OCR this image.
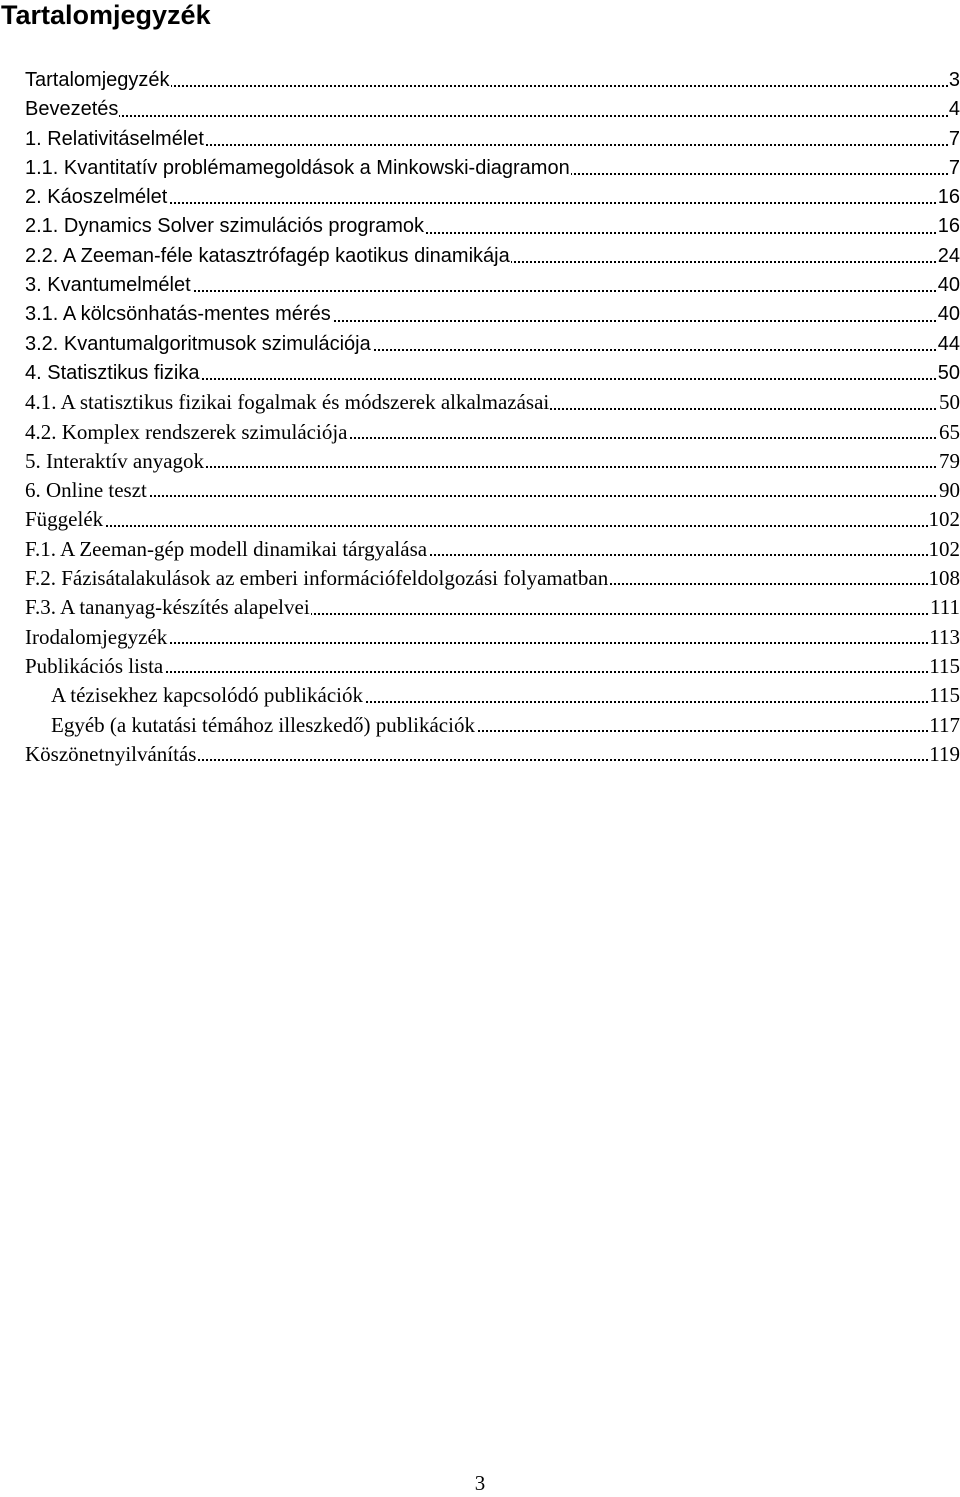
Tartalomjegyzék
Tartalomjegyzék	3
Bevezetés	4
1. Relativitáselmélet	7
1.1. Kvantitatív problémamegoldások a Minkowski-diagramon	7
2. Káoszelmélet	16
2.1. Dynamics Solver szimulációs programok	16
2.2. A Zeeman-féle katasztrófagép kaotikus dinamikája	24
3. Kvantumelmélet	40
3.1. A kölcsönhatás-mentes mérés	40
3.2. Kvantumalgoritmusok szimulációja	44
4. Statisztikus fizika	50
4.1. A statisztikus fizikai fogalmak és módszerek alkalmazásai	50
4.2. Komplex rendszerek szimulációja	65
5. Interaktív anyagok	79
6. Online teszt	90
Függelék	102
F.1. A Zeeman-gép modell dinamikai tárgyalása	102
F.2. Fázisátalakulások az emberi információfeldolgozási folyamatban	108
F.3. A tananyag-készítés alapelvei	111
Irodalomjegyzék	113
Publikációs lista	115
A tézisekhez kapcsolódó publikációk	115
Egyéb (a kutatási témához illeszkedő) publikációk	117
Köszönetnyilvánítás	119
3
